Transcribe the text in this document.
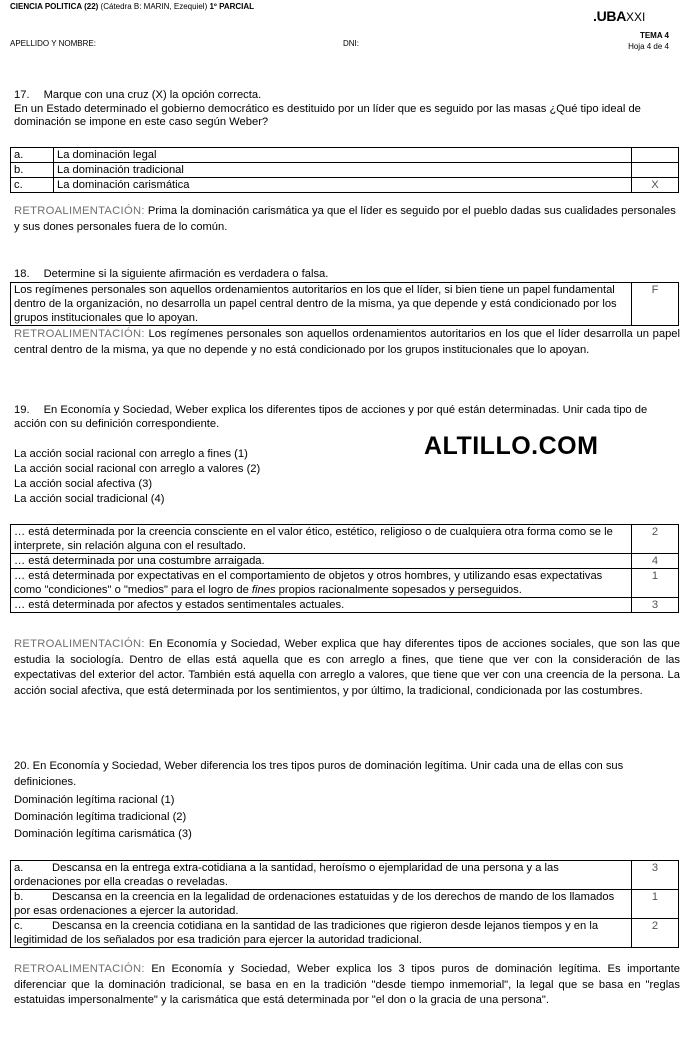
CIENCIA POLITICA (22) (Cátedra B: MARIN, Ezequiel) 1º PARCIAL
.UBAXXI
APELLIDO Y NOMBRE:	DNI:
TEMA 4
Hoja 4 de 4

17. Marque con una cruz (X) la opción correcta.

En un Estado determinado el gobierno democrático es destituido por un líder que es seguido por las masas ¿Qué tipo ideal de dominación se impone en este caso según Weber?

a.	La dominación legal	
b.	La dominación tradicional	
c.	La dominación carismática	X
RETROALIMENTACIÓN: Prima la dominación carismática ya que el líder es seguido por el pueblo dadas sus cualidades personales y sus dones personales fuera de lo común.

18. Determine si la siguiente afirmación es verdadera o falsa.

Los regímenes personales son aquellos ordenamientos autoritarios en los que el líder, si bien tiene un papel fundamental dentro de la organización, no desarrolla un papel central dentro de la misma, ya que depende y está condicionado por los grupos institucionales que lo apoyan.	F
RETROALIMENTACIÓN: Los regímenes personales son aquellos ordenamientos autoritarios en los que el líder desarrolla un papel central dentro de la misma, ya que no depende y no está condicionado por los grupos institucionales que lo apoyan.

19. En Economía y Sociedad, Weber explica los diferentes tipos de acciones y por qué están determinadas. Unir cada tipo de acción con su definición correspondiente.

ALTILLO.COM
La acción social racional con arreglo a fines (1)
La acción social racional con arreglo a valores (2)
La acción social afectiva (3)
La acción social tradicional (4)
… está determinada por la creencia consciente en el valor ético, estético, religioso o de cualquiera otra forma como se le interprete, sin relación alguna con el resultado.	2
… está determinada por una costumbre arraigada.	4
… está determinada por expectativas en el comportamiento de objetos y otros hombres, y utilizando esas expectativas como "condiciones" o "medios" para el logro de fines propios racionalmente sopesados y perseguidos.	1
… está determinada por afectos y estados sentimentales actuales.	3
RETROALIMENTACIÓN: En Economía y Sociedad, Weber explica que hay diferentes tipos de acciones sociales, que son las que estudia la sociología. Dentro de ellas está aquella que es con arreglo a fines, que tiene que ver con la consideración de las expectativas del exterior del actor. También está aquella con arreglo a valores, que tiene que ver con una creencia de la persona. La acción social afectiva, que está determinada por los sentimientos, y por último, la tradicional, condicionada por las costumbres.

20. En Economía y Sociedad, Weber diferencia los tres tipos puros de dominación legítima. Unir cada una de ellas con sus definiciones.

Dominación legítima racional (1)
Dominación legítima tradicional (2)
Dominación legítima carismática (3)
a. Descansa en la entrega extra-cotidiana a la santidad, heroísmo o ejemplaridad de una persona y a las ordenaciones por ella creadas o reveladas.	3
b. Descansa en la creencia en la legalidad de ordenaciones estatuidas y de los derechos de mando de los llamados por esas ordenaciones a ejercer la autoridad.	1
c. Descansa en la creencia cotidiana en la santidad de las tradiciones que rigieron desde lejanos tiempos y en la legitimidad de los señalados por esa tradición para ejercer la autoridad tradicional.	2
RETROALIMENTACIÓN: En Economía y Sociedad, Weber explica los 3 tipos puros de dominación legítima. Es importante diferenciar que la dominación tradicional, se basa en en la tradición "desde tiempo inmemorial", la legal que se basa en "reglas estatuidas impersonalmente" y la carismática que está determinada por "el don o la gracia de una persona".
